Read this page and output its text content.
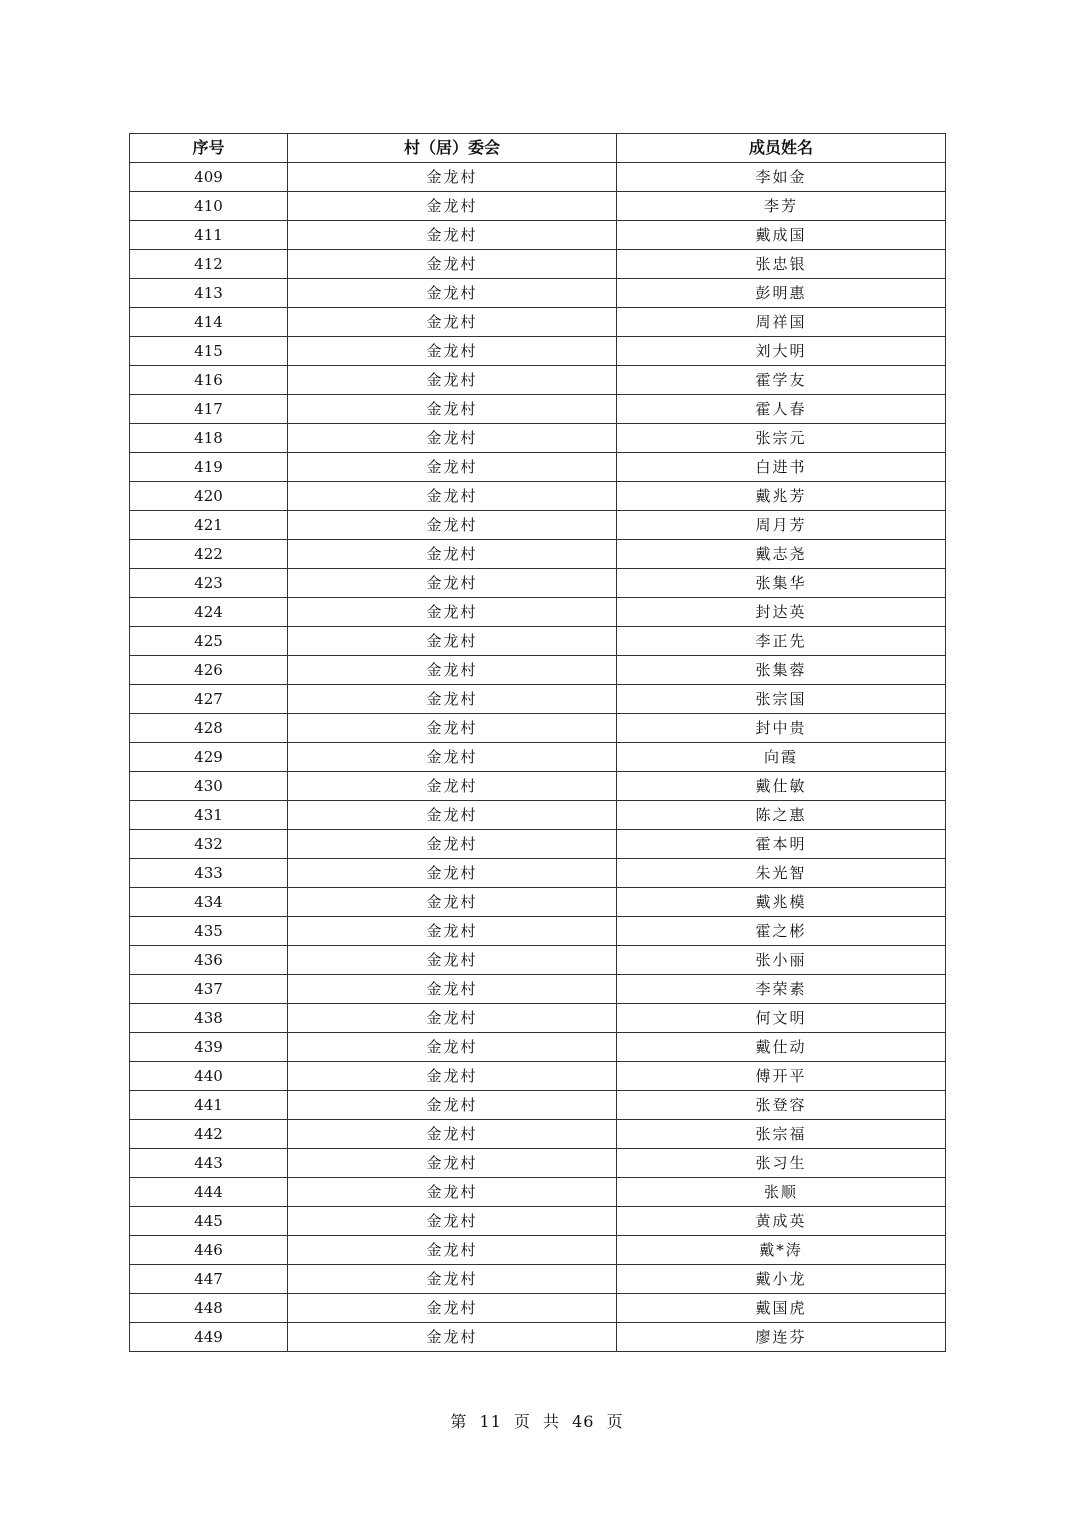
序号	村（居）委会	成员姓名
409	金龙村	李如金
410	金龙村	李芳
411	金龙村	戴成国
412	金龙村	张忠银
413	金龙村	彭明惠
414	金龙村	周祥国
415	金龙村	刘大明
416	金龙村	霍学友
417	金龙村	霍人春
418	金龙村	张宗元
419	金龙村	白进书
420	金龙村	戴兆芳
421	金龙村	周月芳
422	金龙村	戴志尧
423	金龙村	张集华
424	金龙村	封达英
425	金龙村	李正先
426	金龙村	张集蓉
427	金龙村	张宗国
428	金龙村	封中贵
429	金龙村	向霞
430	金龙村	戴仕敏
431	金龙村	陈之惠
432	金龙村	霍本明
433	金龙村	朱光智
434	金龙村	戴兆模
435	金龙村	霍之彬
436	金龙村	张小丽
437	金龙村	李荣素
438	金龙村	何文明
439	金龙村	戴仕动
440	金龙村	傅开平
441	金龙村	张登容
442	金龙村	张宗福
443	金龙村	张习生
444	金龙村	张顺
445	金龙村	黄成英
446	金龙村	戴*涛
447	金龙村	戴小龙
448	金龙村	戴国虎
449	金龙村	廖连芬
第 11 页 共 46 页
